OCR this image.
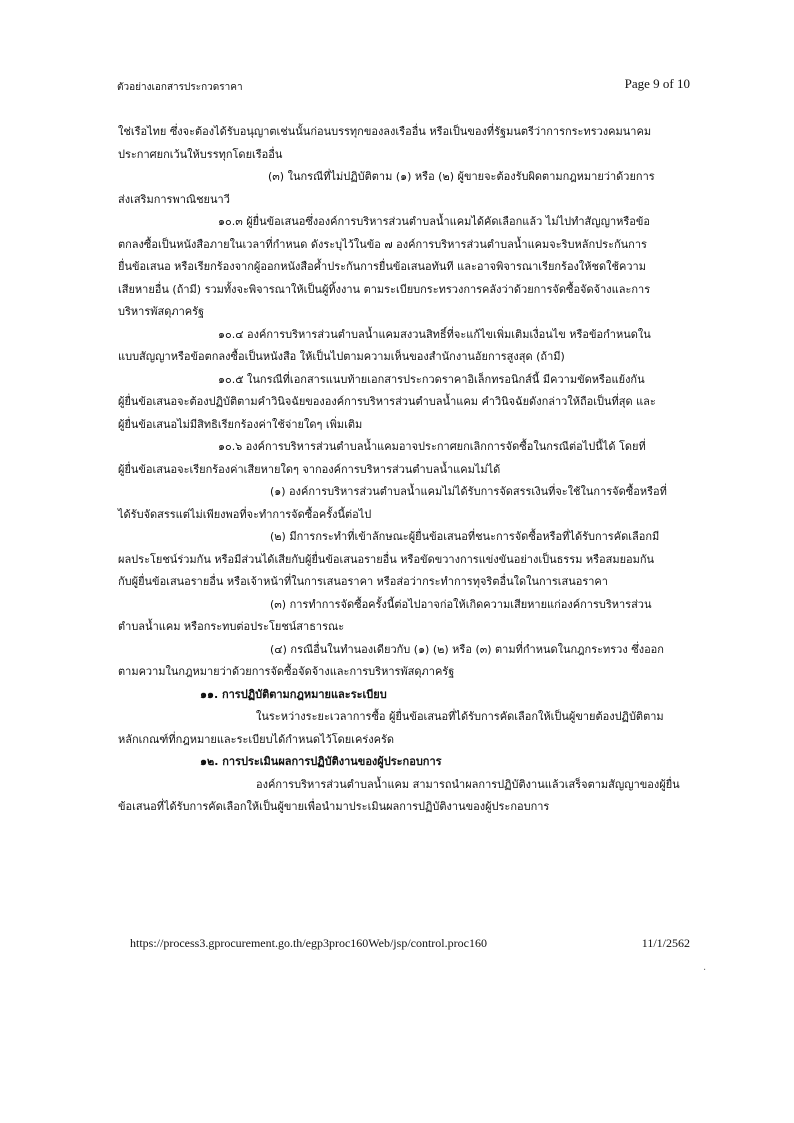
ตัวอย่างเอกสารประกวดราคา	Page 9 of 10
ใช่เรือไทย ซึ่งจะต้องได้รับอนุญาตเช่นนั้นก่อนบรรทุกของลงเรืออื่น หรือเป็นของที่รัฐมนตรีว่าการกระทรวงคมนาคม
ประกาศยกเว้นให้บรรทุกโดยเรืออื่น
(๓) ในกรณีที่ไม่ปฏิบัติตาม (๑) หรือ (๒) ผู้ขายจะต้องรับผิดตามกฎหมายว่าด้วยการ
ส่งเสริมการพาณิชยนาวี
๑๐.๓ ผู้ยื่นข้อเสนอซึ่งองค์การบริหารส่วนตำบลน้ำแคมได้คัดเลือกแล้ว ไม่ไปทำสัญญาหรือข้อ
ตกลงซื้อเป็นหนังสือภายในเวลาที่กำหนด ดังระบุไว้ในข้อ ๗ องค์การบริหารส่วนตำบลน้ำแคมจะริบหลักประกันการ
ยื่นข้อเสนอ หรือเรียกร้องจากผู้ออกหนังสือค้ำประกันการยื่นข้อเสนอทันที และอาจพิจารณาเรียกร้องให้ชดใช้ความ
เสียหายอื่น (ถ้ามี) รวมทั้งจะพิจารณาให้เป็นผู้ทิ้งงาน ตามระเบียบกระทรวงการคลังว่าด้วยการจัดซื้อจัดจ้างและการ
บริหารพัสดุภาครัฐ
๑๐.๔ องค์การบริหารส่วนตำบลน้ำแคมสงวนสิทธิ์ที่จะแก้ไขเพิ่มเติมเงื่อนไข หรือข้อกำหนดใน
แบบสัญญาหรือข้อตกลงซื้อเป็นหนังสือ ให้เป็นไปตามความเห็นของสำนักงานอัยการสูงสุด (ถ้ามี)
๑๐.๕ ในกรณีที่เอกสารแนบท้ายเอกสารประกวดราคาอิเล็กทรอนิกส์นี้ มีความขัดหรือแย้งกัน
ผู้ยื่นข้อเสนอจะต้องปฏิบัติตามคำวินิจฉัยขององค์การบริหารส่วนตำบลน้ำแคม คำวินิจฉัยดังกล่าวให้ถือเป็นที่สุด และ
ผู้ยื่นข้อเสนอไม่มีสิทธิเรียกร้องค่าใช้จ่ายใดๆ เพิ่มเติม
๑๐.๖ องค์การบริหารส่วนตำบลน้ำแคมอาจประกาศยกเลิกการจัดซื้อในกรณีต่อไปนี้ได้ โดยที่
ผู้ยื่นข้อเสนอจะเรียกร้องค่าเสียหายใดๆ จากองค์การบริหารส่วนตำบลน้ำแคมไม่ได้
(๑) องค์การบริหารส่วนตำบลน้ำแคมไม่ได้รับการจัดสรรเงินที่จะใช้ในการจัดซื้อหรือที่
ได้รับจัดสรรแต่ไม่เพียงพอที่จะทำการจัดซื้อครั้งนี้ต่อไป
(๒) มีการกระทำที่เข้าลักษณะผู้ยื่นข้อเสนอที่ชนะการจัดซื้อหรือที่ได้รับการคัดเลือกมี
ผลประโยชน์ร่วมกัน หรือมีส่วนได้เสียกับผู้ยื่นข้อเสนอรายอื่น หรือขัดขวางการแข่งขันอย่างเป็นธรรม หรือสมยอมกัน
กับผู้ยื่นข้อเสนอรายอื่น หรือเจ้าหน้าที่ในการเสนอราคา หรือส่อว่ากระทำการทุจริตอื่นใดในการเสนอราคา
(๓) การทำการจัดซื้อครั้งนี้ต่อไปอาจก่อให้เกิดความเสียหายแก่องค์การบริหารส่วน
ตำบลน้ำแคม หรือกระทบต่อประโยชน์สาธารณะ
(๔) กรณีอื่นในทำนองเดียวกับ (๑) (๒) หรือ (๓) ตามที่กำหนดในกฎกระทรวง ซึ่งออก
ตามความในกฎหมายว่าด้วยการจัดซื้อจัดจ้างและการบริหารพัสดุภาครัฐ
๑๑. การปฏิบัติตามกฎหมายและระเบียบ
ในระหว่างระยะเวลาการซื้อ ผู้ยื่นข้อเสนอที่ได้รับการคัดเลือกให้เป็นผู้ขายต้องปฏิบัติตาม
หลักเกณฑ์ที่กฎหมายและระเบียบได้กำหนดไว้โดยเคร่งครัด
๑๒. การประเมินผลการปฏิบัติงานของผู้ประกอบการ
องค์การบริหารส่วนตำบลน้ำแคม สามารถนำผลการปฏิบัติงานแล้วเสร็จตามสัญญาของผู้ยื่น
ข้อเสนอที่ได้รับการคัดเลือกให้เป็นผู้ขายเพื่อนำมาประเมินผลการปฏิบัติงานของผู้ประกอบการ
https://process3.gprocurement.go.th/egp3proc160Web/jsp/control.proc160	11/1/2562
·
